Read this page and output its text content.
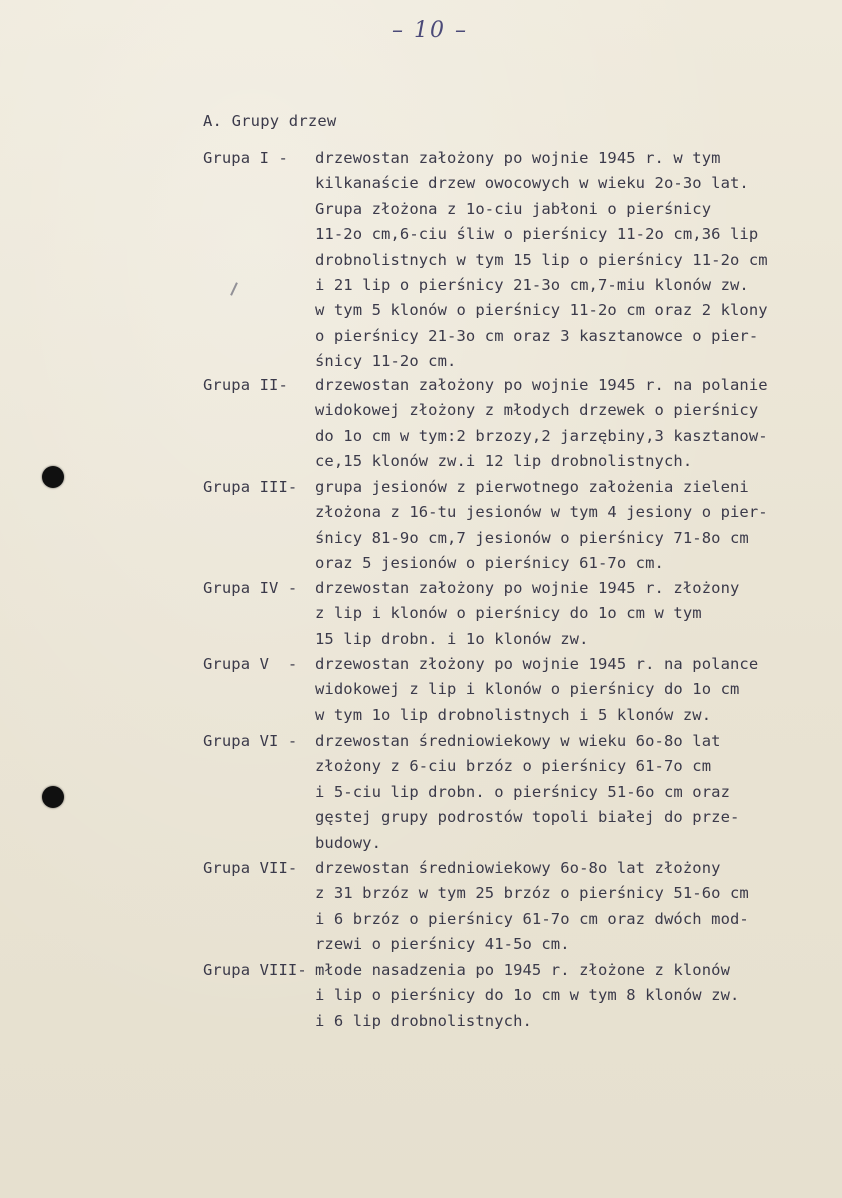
– 10 –
A. Grupy drzew
Grupa I - drzewostan założony po wojnie 1945 r. w tym
kilkanaście drzew owocowych w wieku 2o-3o lat.
Grupa złożona z 1o-ciu jabłoni o pierśnicy
11-2o cm,6-ciu śliw o pierśnicy 11-2o cm,36 lip
drobnolistnych w tym 15 lip o pierśnicy 11-2o cm
i 21 lip o pierśnicy 21-3o cm,7-miu klonów zw.
w tym 5 klonów o pierśnicy 11-2o cm oraz 2 klony
o pierśnicy 21-3o cm oraz 3 kasztanowce o pier-
śnicy 11-2o cm.
Grupa II- drzewostan założony po wojnie 1945 r. na polanie
widokowej złożony z młodych drzewek o pierśnicy
do 1o cm w tym:2 brzozy,2 jarzębiny,3 kasztanow-
ce,15 klonów zw.i 12 lip drobnolistnych.
Grupa III- grupa jesionów z pierwotnego założenia zieleni
złożona z 16-tu jesionów w tym 4 jesiony o pier-
śnicy 81-9o cm,7 jesionów o pierśnicy 71-8o cm
oraz 5 jesionów o pierśnicy 61-7o cm.
Grupa IV - drzewostan założony po wojnie 1945 r. złożony
z lip i klonów o pierśnicy do 1o cm w tym
15 lip drobn. i 1o klonów zw.
Grupa V  - drzewostan złożony po wojnie 1945 r. na polance
widokowej z lip i klonów o pierśnicy do 1o cm
w tym 1o lip drobnolistnych i 5 klonów zw.
Grupa VI - drzewostan średniowiekowy w wieku 6o-8o lat
złożony z 6-ciu brzóz o pierśnicy 61-7o cm
i 5-ciu lip drobn. o pierśnicy 51-6o cm oraz
gęstej grupy podrostów topoli białej do prze-
budowy.
Grupa VII- drzewostan średniowiekowy 6o-8o lat złożony
z 31 brzóz w tym 25 brzóz o pierśnicy 51-6o cm
i 6 brzóz o pierśnicy 61-7o cm oraz dwóch mod-
rzewi o pierśnicy 41-5o cm.
Grupa VIII- młode nasadzenia po 1945 r. złożone z klonów
i lip o pierśnicy do 1o cm w tym 8 klonów zw.
i 6 lip drobnolistnych.
